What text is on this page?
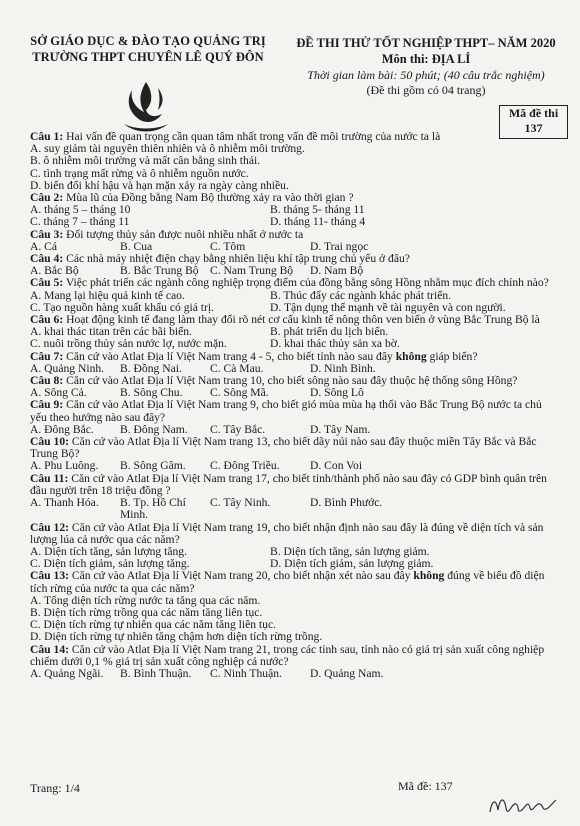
SỞ GIÁO DỤC & ĐÀO TẠO QUẢNG TRỊ
TRƯỜNG THPT CHUYÊN LÊ QUÝ ĐÔN
ĐỀ THI THỬ TỐT NGHIỆP THPT– NĂM 2020
Môn thi: ĐỊA LÍ
Thời gian làm bài: 50 phút; (40 câu trắc nghiệm)
(Đề thi gồm có 04 trang)
Mã đề thi
137
Câu 1: Hai vấn đề quan trọng cần quan tâm nhất trong vấn đề môi trường của nước ta là
A. suy giảm tài nguyên thiên nhiên và ô nhiễm môi trường.
B. ô nhiễm môi trường và mất cân bằng sinh thái.
C. tình trạng mất rừng và ô nhiễm nguồn nước.
D. biến đổi khí hậu và hạn mặn xảy ra ngày càng nhiều.
Câu 2: Mùa lũ của Đồng bằng Nam Bộ thường xảy ra vào thời gian ?
A. tháng 5 – tháng 10	B. tháng 5- tháng 11
C. tháng 7 – tháng 11	D. tháng 11- tháng 4
Câu 3: Đối tượng thủy sản được nuôi nhiều nhất ở nước ta
A. Cá	B. Cua	C. Tôm	D. Trai ngọc
Câu 4: Các nhà máy nhiệt điện chạy bằng nhiên liệu khí tập trung chủ yếu ở đâu?
A. Bắc Bộ	B. Bắc Trung Bộ C. Nam Trung Bộ	D. Nam Bộ
Câu 5: Việc phát triển các ngành công nghiệp trọng điểm của đồng bằng sông Hồng nhằm mục đích chính nào?
A. Mang lại hiệu quả kinh tế cao.	B. Thúc đẩy các ngành khác phát triển.
C. Tạo nguồn hàng xuất khẩu có giá trị.	D. Tận dụng thế mạnh về tài nguyên và con người.
Câu 6: Hoạt động kinh tế đang làm thay đổi rõ nét cơ cấu kinh tế nông thôn ven biển ở vùng Bắc Trung Bộ là
A. khai thác titan trên các bãi biển.	B. phát triển du lịch biển.
C. nuôi trồng thủy sản nước lợ, nước mặn.	D. khai thác thủy sản xa bờ.
Câu 7: Căn cứ vào Atlat Địa lí Việt Nam trang 4 - 5, cho biết tỉnh nào sau đây không giáp biển?
A. Quảng Ninh.	B. Đồng Nai.	C. Cà Mau.	D. Ninh Bình.
Câu 8: Căn cứ vào Atlat Địa lí Việt Nam trang 10, cho biết sông nào sau đây thuộc hệ thống sông Hồng?
A. Sông Cả.	B. Sông Chu.	C. Sông Mã.	D. Sông Lô
Câu 9: Căn cứ vào Atlat Địa lí Việt Nam trang 9, cho biết gió mùa mùa hạ thổi vào Bắc Trung Bộ nước ta chủ yếu theo hướng nào sau đây?
A. Đông Bắc.	B. Đông Nam.	C. Tây Bắc.	D. Tây Nam.
Câu 10: Căn cứ vào Atlat Địa lí Việt Nam trang 13, cho biết dãy núi nào sau đây thuộc miền Tây Bắc và Bắc Trung Bộ?
A. Phu Luông.	B. Sông Gâm.	C. Đông Triều.	D. Con Voi
Câu 11: Căn cứ vào Atlat Địa lí Việt Nam trang 17, cho biết tỉnh/thành phố nào sau đây có GDP bình quân trên đầu người trên 18 triệu đồng ?
A. Thanh Hóa.	B. Tp. Hồ Chí Minh.
C. Tây Ninh.	D. Bình Phước.
Câu 12: Căn cứ vào Atlat Địa lí Việt Nam trang 19, cho biết nhận định nào sau đây là đúng về diện tích và sản lượng lúa cả nước qua các năm?
A. Diện tích tăng, sản lượng tăng.	B. Diện tích tăng, sản lượng giảm.
C. Diện tích giảm, sản lượng tăng.	D. Diện tích giảm, sản lượng giảm.
Câu 13: Căn cứ vào Atlat Địa lí Việt Nam trang 20, cho biết nhận xét nào sau đây không đúng về biểu đồ diện tích rừng của nước ta qua các năm?
A. Tổng diện tích rừng nước ta tăng qua các năm.
B. Diện tích rừng trồng qua các năm tăng liên tục.
C. Diện tích rừng tự nhiên qua các năm tăng liên tục.
D. Diện tích rừng tự nhiên tăng chậm hơn diện tích rừng trồng.
Câu 14: Căn cứ vào Atlat Địa lí Việt Nam trang 21, trong các tỉnh sau, tỉnh nào có giá trị sản xuất công nghiệp chiếm dưới 0,1 % giá trị sản xuất công nghiệp cả nước?
A. Quảng Ngãi.	B. Bình Thuận.	C. Ninh Thuận.	D. Quảng Nam.
Trang: 1/4	Mã đề: 137
